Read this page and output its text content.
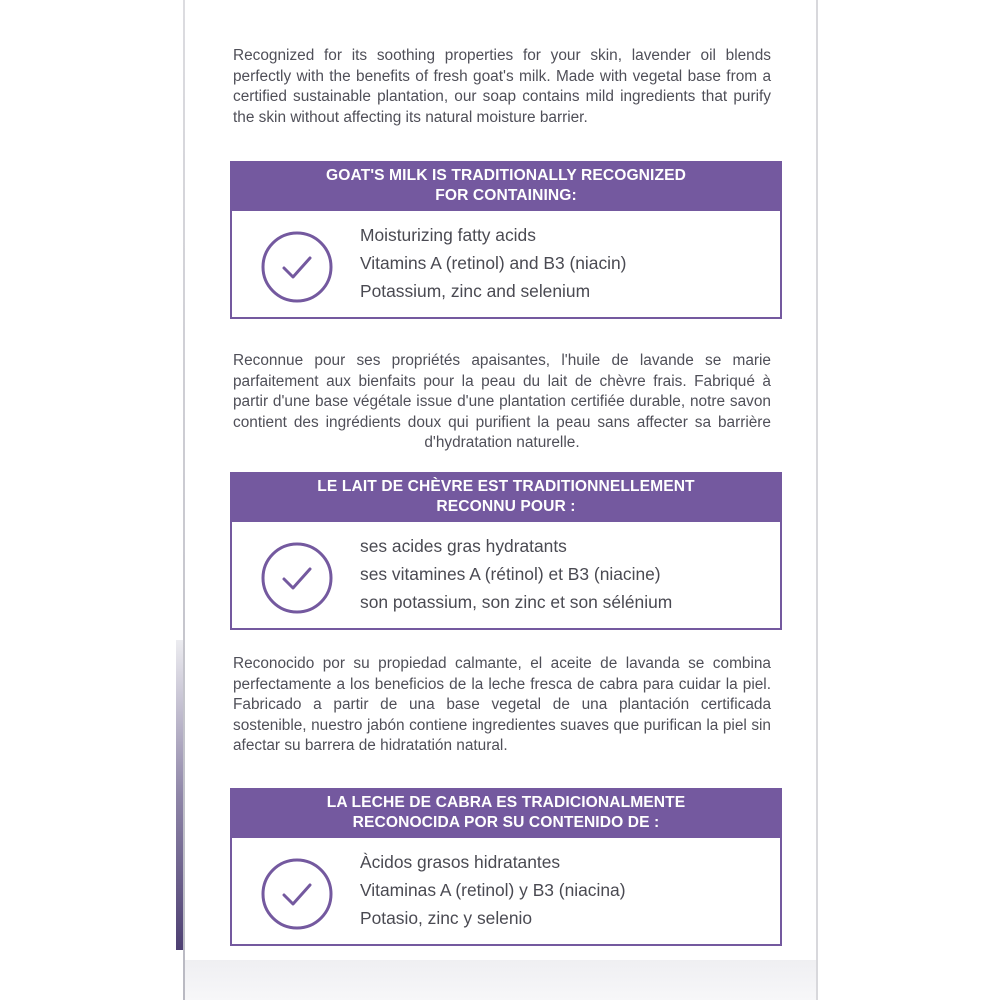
Recognized for its soothing properties for your skin, lavender oil blends perfectly with the benefits of fresh goat's milk. Made with vegetal base from a certified sustainable plantation, our soap contains mild ingredients that purify the skin without affecting its natural moisture barrier.

GOAT'S MILK IS TRADITIONALLY RECOGNIZED
FOR CONTAINING:
Moisturizing fatty acids
Vitamins A (retinol) and B3 (niacin)
Potassium, zinc and selenium

Reconnue pour ses propriétés apaisantes, l'huile de lavande se marie parfaitement aux bienfaits pour la peau du lait de chèvre frais. Fabriqué à partir d'une base végétale issue d'une plantation certifiée durable, notre savon contient des ingrédients doux qui purifient la peau sans affecter sa barrière d'hydratation naturelle.

LE LAIT DE CHÈVRE EST TRADITIONNELLEMENT
RECONNU POUR :
ses acides gras hydratants
ses vitamines A (rétinol) et B3 (niacine)
son potassium, son zinc et son sélénium

Reconocido por su propiedad calmante, el aceite de lavanda se combina perfectamente a los beneficios de la leche fresca de cabra para cuidar la piel. Fabricado a partir de una base vegetal de una plantación certificada sostenible, nuestro jabón contiene ingredientes suaves que purifican la piel sin afectar su barrera de hidratatión natural.

LA LECHE DE CABRA ES TRADICIONALMENTE
RECONOCIDA POR SU CONTENIDO DE :
Àcidos grasos hidratantes
Vitaminas A (retinol) y B3 (niacina)
Potasio, zinc y selenio
